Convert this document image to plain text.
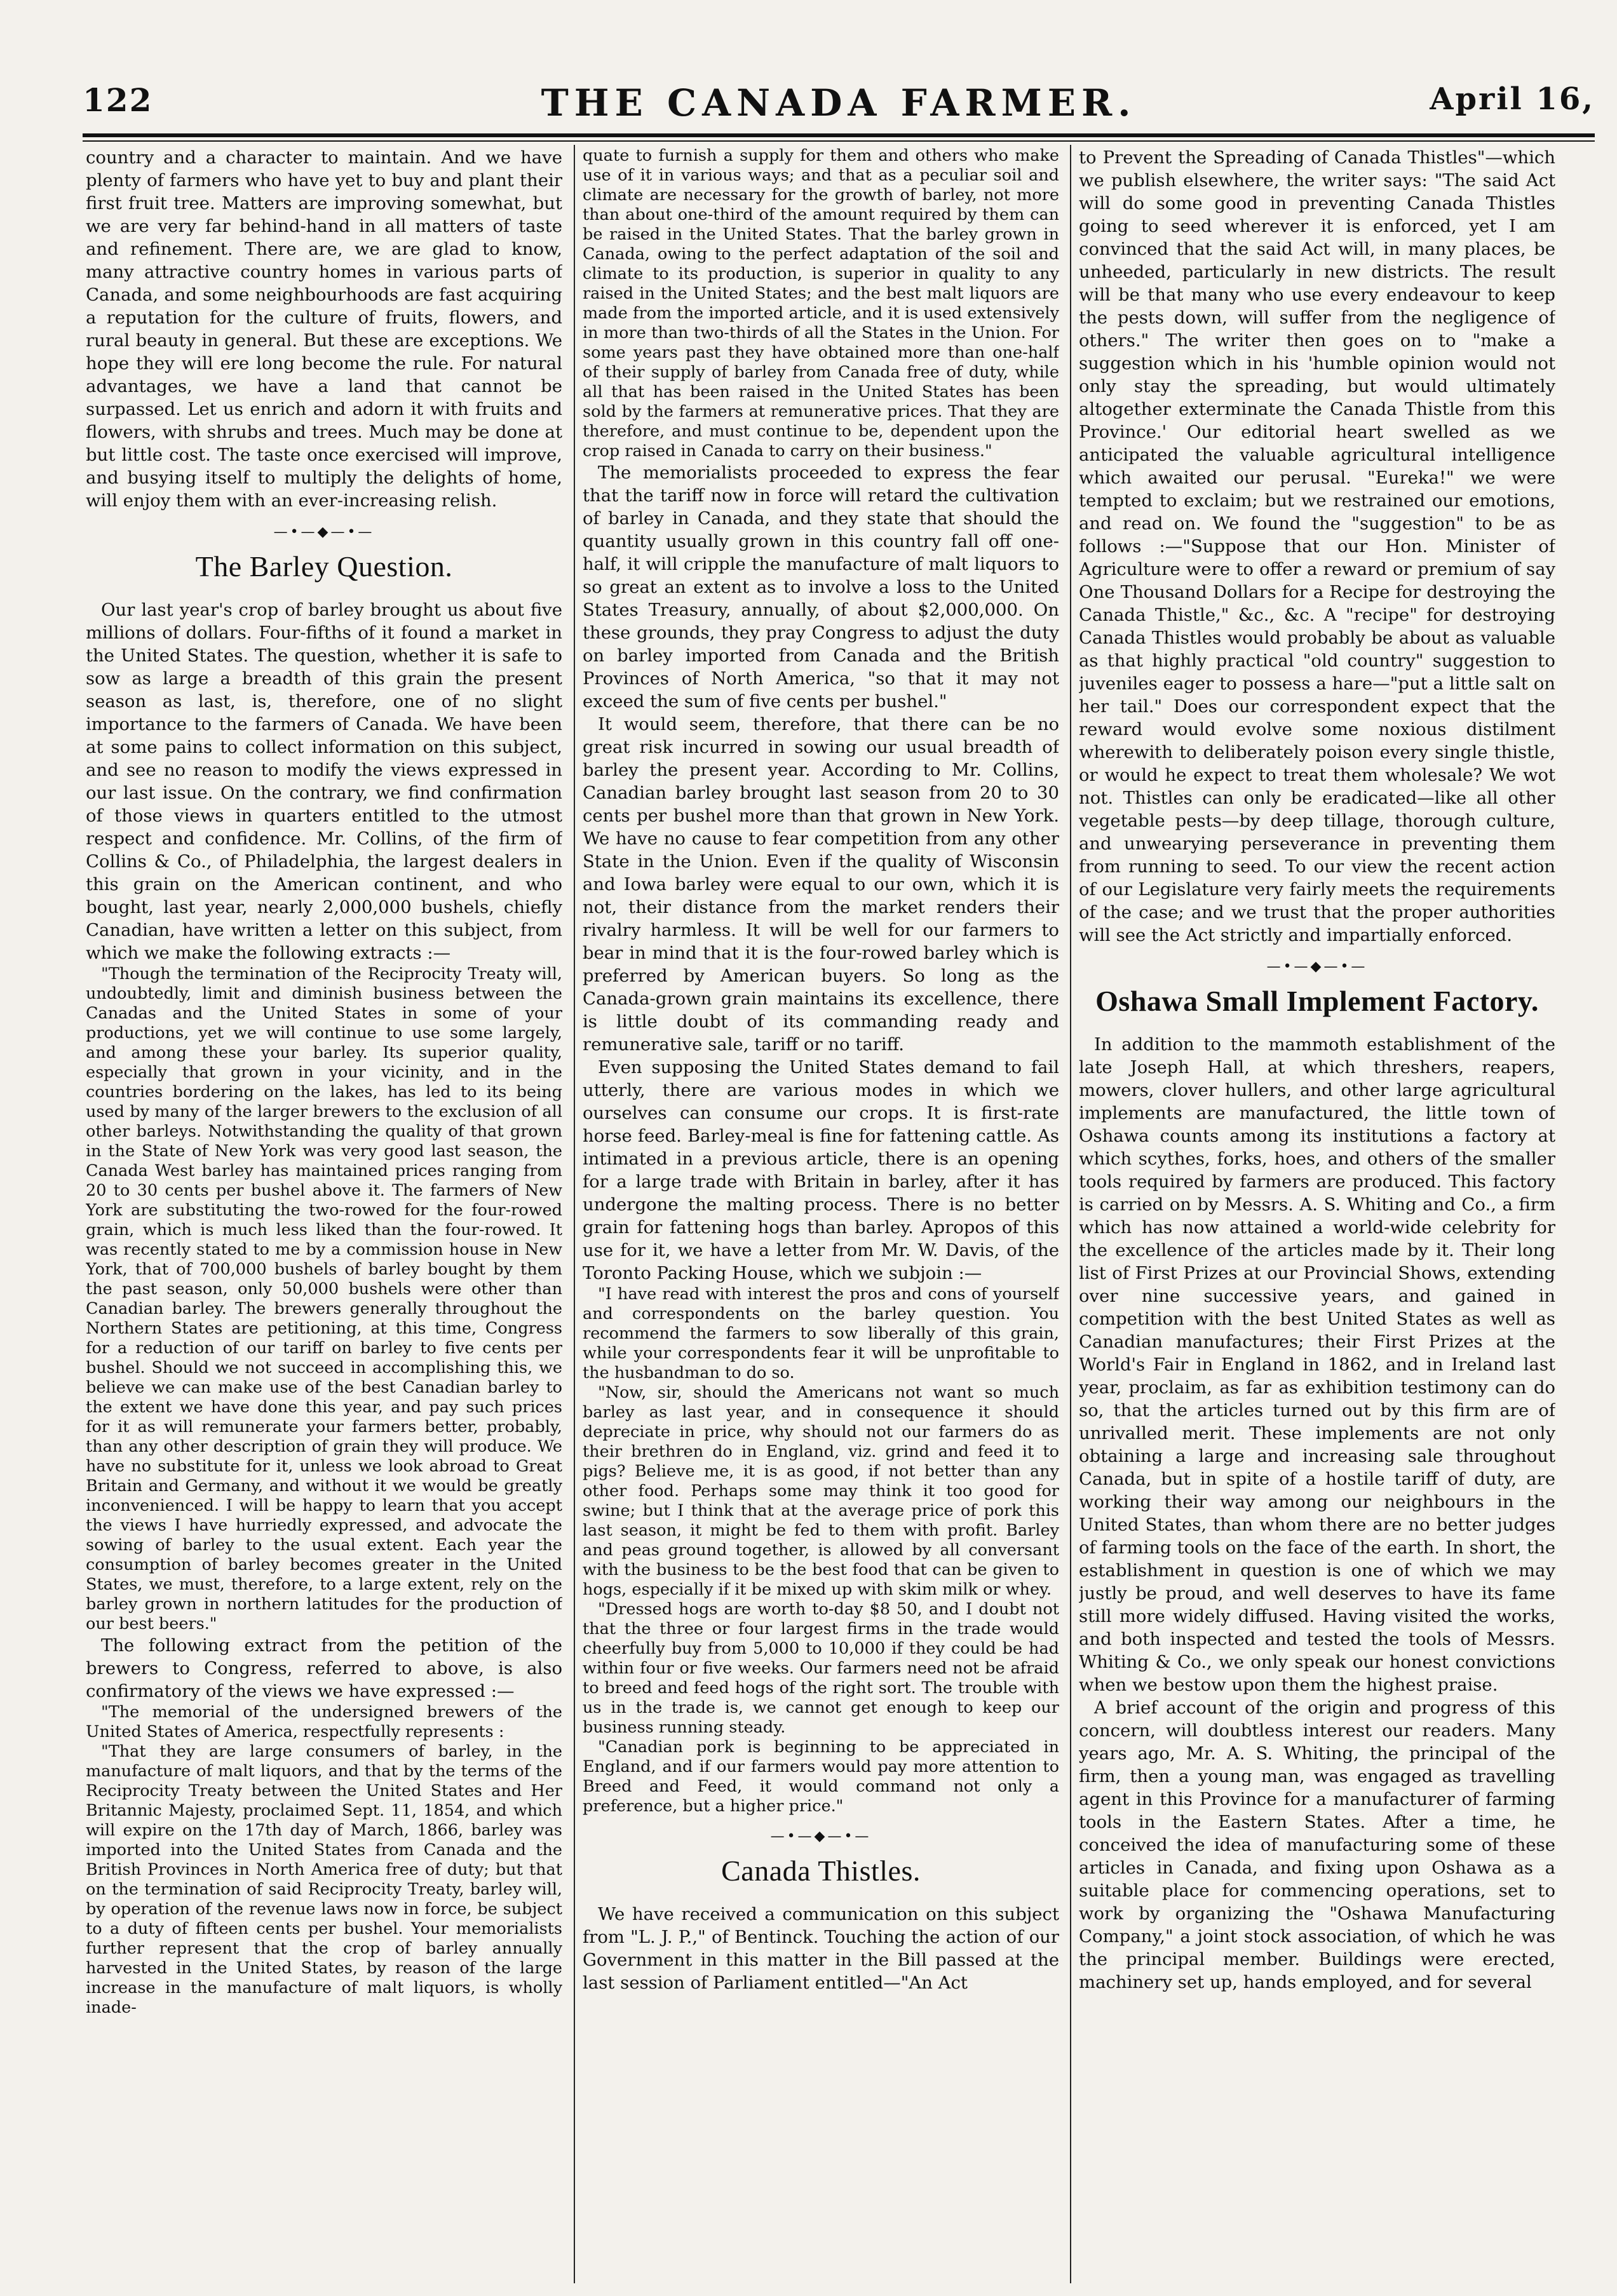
122	THE CANADA FARMER.	April 16,

country and a character to maintain. And we have plenty of farmers who have yet to buy and plant their first fruit tree. Matters are improving somewhat, but we are very far behind-hand in all matters of taste and refinement. There are, we are glad to know, many attractive country homes in various parts of Canada, and some neighbourhoods are fast acquiring a reputation for the culture of fruits, flowers, and rural beauty in general. But these are exceptions. We hope they will ere long become the rule. For natural advantages, we have a land that cannot be surpassed. Let us enrich and adorn it with fruits and flowers, with shrubs and trees. Much may be done at but little cost. The taste once exercised will improve, and busying itself to multiply the delights of home, will enjoy them with an ever-increasing relish.

—•—◆—•—
The Barley Question.

Our last year's crop of barley brought us about five millions of dollars. Four-fifths of it found a market in the United States. The question, whether it is safe to sow as large a breadth of this grain the present season as last, is, therefore, one of no slight importance to the farmers of Canada. We have been at some pains to collect information on this subject, and see no reason to modify the views expressed in our last issue. On the contrary, we find confirmation of those views in quarters entitled to the utmost respect and confidence. Mr. Collins, of the firm of Collins & Co., of Philadelphia, the largest dealers in this grain on the American continent, and who bought, last year, nearly 2,000,000 bushels, chiefly Canadian, have written a letter on this subject, from which we make the following extracts :—

"Though the termination of the Reciprocity Treaty will, undoubtedly, limit and diminish business between the Canadas and the United States in some of your productions, yet we will continue to use some largely, and among these your barley. Its superior quality, especially that grown in your vicinity, and in the countries bordering on the lakes, has led to its being used by many of the larger brewers to the exclusion of all other barleys. Notwithstanding the quality of that grown in the State of New York was very good last season, the Canada West barley has maintained prices ranging from 20 to 30 cents per bushel above it. The farmers of New York are substituting the two-rowed for the four-rowed grain, which is much less liked than the four-rowed. It was recently stated to me by a commission house in New York, that of 700,000 bushels of barley bought by them the past season, only 50,000 bushels were other than Canadian barley. The brewers generally throughout the Northern States are petitioning, at this time, Congress for a reduction of our tariff on barley to five cents per bushel. Should we not succeed in accomplishing this, we believe we can make use of the best Canadian barley to the extent we have done this year, and pay such prices for it as will remunerate your farmers better, probably, than any other description of grain they will produce. We have no substitute for it, unless we look abroad to Great Britain and Germany, and without it we would be greatly inconvenienced. I will be happy to learn that you accept the views I have hurriedly expressed, and advocate the sowing of barley to the usual extent. Each year the consumption of barley becomes greater in the United States, we must, therefore, to a large extent, rely on the barley grown in northern latitudes for the production of our best beers."

The following extract from the petition of the brewers to Congress, referred to above, is also confirmatory of the views we have expressed :—

"The memorial of the undersigned brewers of the United States of America, respectfully represents :

"That they are large consumers of barley, in the manufacture of malt liquors, and that by the terms of the Reciprocity Treaty between the United States and Her Britannic Majesty, proclaimed Sept. 11, 1854, and which will expire on the 17th day of March, 1866, barley was imported into the United States from Canada and the British Provinces in North America free of duty; but that on the termination of said Reciprocity Treaty, barley will, by operation of the revenue laws now in force, be subject to a duty of fifteen cents per bushel. Your memorialists further represent that the crop of barley annually harvested in the United States, by reason of the large increase in the manufacture of malt liquors, is wholly inade-

quate to furnish a supply for them and others who make use of it in various ways; and that as a peculiar soil and climate are necessary for the growth of barley, not more than about one-third of the amount required by them can be raised in the United States. That the barley grown in Canada, owing to the perfect adaptation of the soil and climate to its production, is superior in quality to any raised in the United States; and the best malt liquors are made from the imported article, and it is used extensively in more than two-thirds of all the States in the Union. For some years past they have obtained more than one-half of their supply of barley from Canada free of duty, while all that has been raised in the United States has been sold by the farmers at remunerative prices. That they are therefore, and must continue to be, dependent upon the crop raised in Canada to carry on their business."

The memorialists proceeded to express the fear that the tariff now in force will retard the cultivation of barley in Canada, and they state that should the quantity usually grown in this country fall off one-half, it will cripple the manufacture of malt liquors to so great an extent as to involve a loss to the United States Treasury, annually, of about $2,000,000. On these grounds, they pray Congress to adjust the duty on barley imported from Canada and the British Provinces of North America, "so that it may not exceed the sum of five cents per bushel."

It would seem, therefore, that there can be no great risk incurred in sowing our usual breadth of barley the present year. According to Mr. Collins, Canadian barley brought last season from 20 to 30 cents per bushel more than that grown in New York. We have no cause to fear competition from any other State in the Union. Even if the quality of Wisconsin and Iowa barley were equal to our own, which it is not, their distance from the market renders their rivalry harmless. It will be well for our farmers to bear in mind that it is the four-rowed barley which is preferred by American buyers. So long as the Canada-grown grain maintains its excellence, there is little doubt of its commanding ready and remunerative sale, tariff or no tariff.

Even supposing the United States demand to fail utterly, there are various modes in which we ourselves can consume our crops. It is first-rate horse feed. Barley-meal is fine for fattening cattle. As intimated in a previous article, there is an opening for a large trade with Britain in barley, after it has undergone the malting process. There is no better grain for fattening hogs than barley. Apropos of this use for it, we have a letter from Mr. W. Davis, of the Toronto Packing House, which we subjoin :—

"I have read with interest the pros and cons of yourself and correspondents on the barley question. You recommend the farmers to sow liberally of this grain, while your correspondents fear it will be unprofitable to the husbandman to do so.

"Now, sir, should the Americans not want so much barley as last year, and in consequence it should depreciate in price, why should not our farmers do as their brethren do in England, viz. grind and feed it to pigs? Believe me, it is as good, if not better than any other food. Perhaps some may think it too good for swine; but I think that at the average price of pork this last season, it might be fed to them with profit. Barley and peas ground together, is allowed by all conversant with the business to be the best food that can be given to hogs, especially if it be mixed up with skim milk or whey.

"Dressed hogs are worth to-day $8 50, and I doubt not that the three or four largest firms in the trade would cheerfully buy from 5,000 to 10,000 if they could be had within four or five weeks. Our farmers need not be afraid to breed and feed hogs of the right sort. The trouble with us in the trade is, we cannot get enough to keep our business running steady.

"Canadian pork is beginning to be appreciated in England, and if our farmers would pay more attention to Breed and Feed, it would command not only a preference, but a higher price."

—•—◆—•—
Canada Thistles.

We have received a communication on this subject from "L. J. P.," of Bentinck. Touching the action of our Government in this matter in the Bill passed at the last session of Parliament entitled—"An Act

to Prevent the Spreading of Canada Thistles"—which we publish elsewhere, the writer says: "The said Act will do some good in preventing Canada Thistles going to seed wherever it is enforced, yet I am convinced that the said Act will, in many places, be unheeded, particularly in new districts. The result will be that many who use every endeavour to keep the pests down, will suffer from the negligence of others." The writer then goes on to "make a suggestion which in his 'humble opinion would not only stay the spreading, but would ultimately altogether exterminate the Canada Thistle from this Province.' Our editorial heart swelled as we anticipated the valuable agricultural intelligence which awaited our perusal. "Eureka!" we were tempted to exclaim; but we restrained our emotions, and read on. We found the "suggestion" to be as follows :—"Suppose that our Hon. Minister of Agriculture were to offer a reward or premium of say One Thousand Dollars for a Recipe for destroying the Canada Thistle," &c., &c. A "recipe" for destroying Canada Thistles would probably be about as valuable as that highly practical "old country" suggestion to juveniles eager to possess a hare—"put a little salt on her tail." Does our correspondent expect that the reward would evolve some noxious distilment wherewith to deliberately poison every single thistle, or would he expect to treat them wholesale? We wot not. Thistles can only be eradicated—like all other vegetable pests—by deep tillage, thorough culture, and unwearying perseverance in preventing them from running to seed. To our view the recent action of our Legislature very fairly meets the requirements of the case; and we trust that the proper authorities will see the Act strictly and impartially enforced.

—•—◆—•—
Oshawa Small Implement Factory.

In addition to the mammoth establishment of the late Joseph Hall, at which threshers, reapers, mowers, clover hullers, and other large agricultural implements are manufactured, the little town of Oshawa counts among its institutions a factory at which scythes, forks, hoes, and others of the smaller tools required by farmers are produced. This factory is carried on by Messrs. A. S. Whiting and Co., a firm which has now attained a world-wide celebrity for the excellence of the articles made by it. Their long list of First Prizes at our Provincial Shows, extending over nine successive years, and gained in competition with the best United States as well as Canadian manufactures; their First Prizes at the World's Fair in England in 1862, and in Ireland last year, proclaim, as far as exhibition testimony can do so, that the articles turned out by this firm are of unrivalled merit. These implements are not only obtaining a large and increasing sale throughout Canada, but in spite of a hostile tariff of duty, are working their way among our neighbours in the United States, than whom there are no better judges of farming tools on the face of the earth. In short, the establishment in question is one of which we may justly be proud, and well deserves to have its fame still more widely diffused. Having visited the works, and both inspected and tested the tools of Messrs. Whiting & Co., we only speak our honest convictions when we bestow upon them the highest praise.

A brief account of the origin and progress of this concern, will doubtless interest our readers. Many years ago, Mr. A. S. Whiting, the principal of the firm, then a young man, was engaged as travelling agent in this Province for a manufacturer of farming tools in the Eastern States. After a time, he conceived the idea of manufacturing some of these articles in Canada, and fixing upon Oshawa as a suitable place for commencing operations, set to work by organizing the "Oshawa Manufacturing Company," a joint stock association, of which he was the principal member. Buildings were erected, machinery set up, hands employed, and for several
